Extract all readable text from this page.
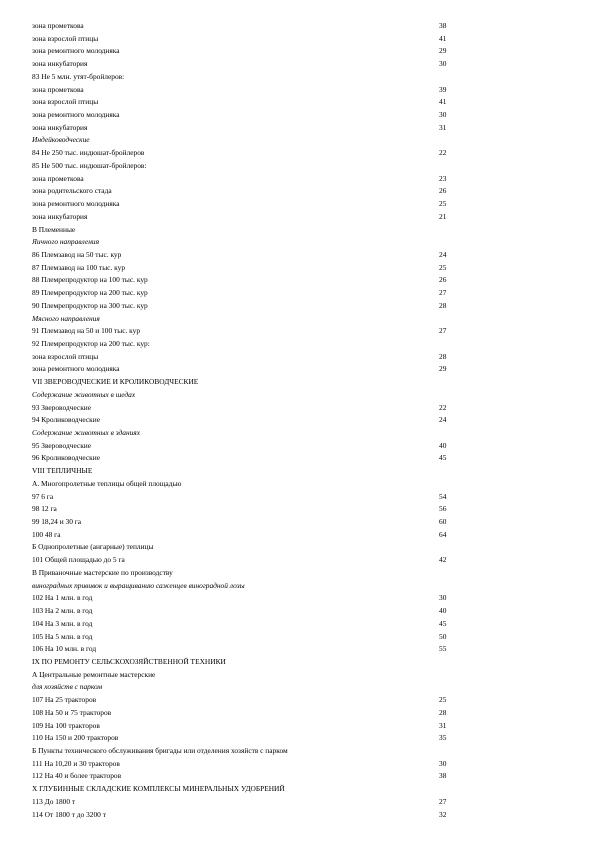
зона пpометкова	38
зона взрослой птицы	41
зона ремонтного молодняка	29
зона инкубатория	30
83 Не 5 млн. утят-бройлеров:
зона пpометкова	39
зона взрослой птицы	41
зона ремонтного молодняка	30
зона инкубатория	31
Индейководческие
84 Не 250 тыс. индюшат-бройлеров	22
85 Не 500 тыс. индюшат-бройлеров:
зона пpометкова	23
зона родительского стада	26
зона ремонтного молодняка	25
зона инкубатория	21
В Племенные
Яичного направления
86 Племзавод на 50 тыс. кур	24
87 Племзавод на 100 тыс. кур	25
88 Племрепродуктор на 100 тыс. кур	26
89 Племрепродуктор на 200 тыс. кур	27
90 Племрепродуктор на 300 тыс. кур	28
Мясного направления
91 Племзавод на 50 и 100 тыс. кур	27
92 Племрепродуктор на 200 тыс. кур:
зона взрослой птицы	28
зона ремонтного молодняка	29
VII ЗВЕРОВОДЧЕСКИЕ И КРОЛИКОВОДЧЕСКИЕ
Содержание животных в шедах
93 Звероводческие	22
94 Кролиководческие	24
Содержание животных в зданиях
95 Звероводческие	40
96 Кролиководческие	45
VIII ТЕПЛИЧНЫЕ
А. Многопролетные теплицы общей площадью
97 6 га	54
98 12 га	56
99 18,24 и 30 га	60
100 48 га	64
Б Однопролетные (ангарные) теплицы
101 Общей площадью до 5 га	42
В Приваночные мастерские по производству
виноградных прививок и выращиванию саженцев виноградной лозы
102 На 1 млн. в год	30
103 На 2 млн. в год	40
104 На 3 млн. в год	45
105 На 5 млн. в год	50
106 На 10 млн. в год	55
IX ПО РЕМОНТУ СЕЛЬСКОХОЗЯЙСТВЕННОЙ ТЕХНИКИ
А Центральные ремонтные мастерские
для хозяйств с парком
107 На 25 тракторов	25
108 На 50 и 75 тракторов	28
109 На 100 тракторов	31
110 На 150 и 200 тракторов	35
Б Пункты технического обслуживания бригады или отделения хозяйств с парком
111 На 10,20 и 30 тракторов	30
112 На 40 и более тракторов	38
X ГЛУБИННЫЕ СКЛАДСКИЕ КОМПЛЕКСЫ МИНЕРАЛЬНЫХ УДОБРЕНИЙ
113 До 1800 т	27
114 От 1800 т до 3200 т	32
